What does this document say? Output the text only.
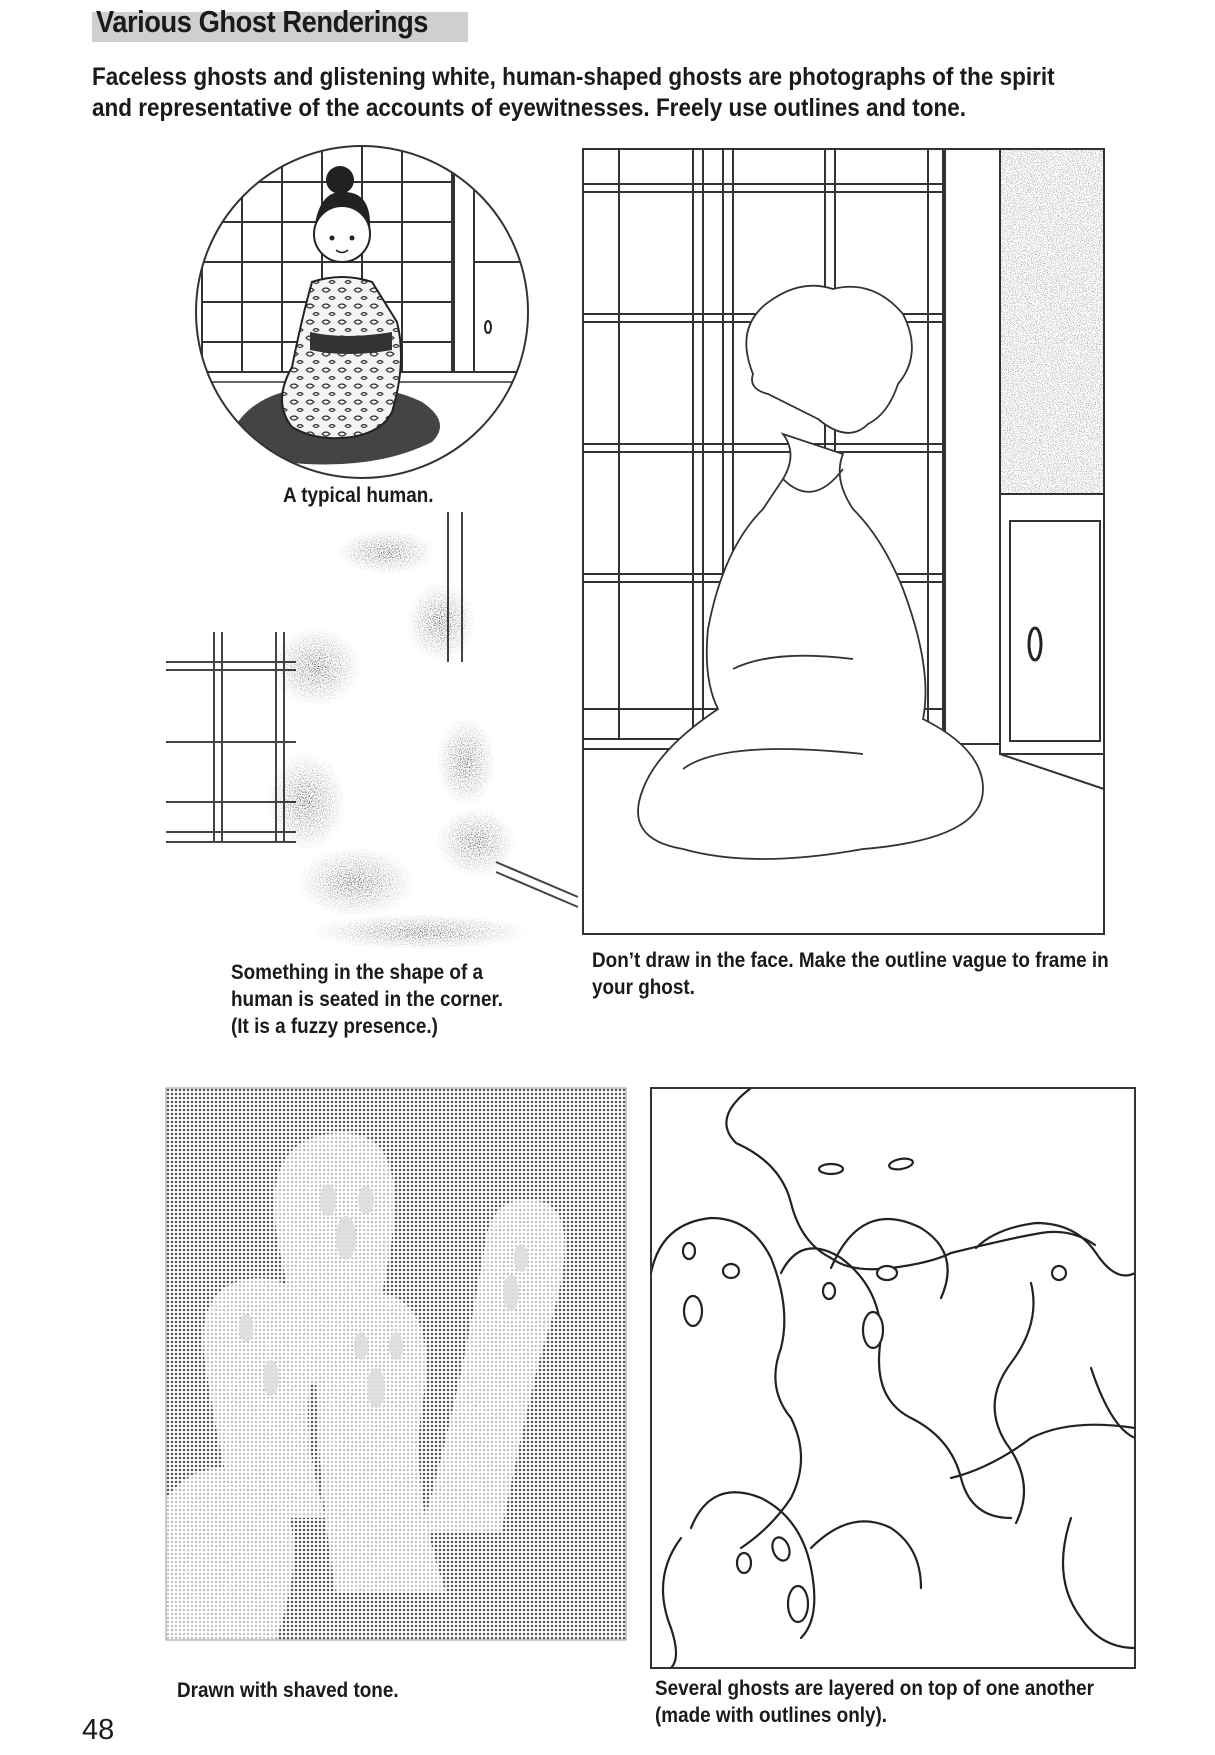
Various Ghost Renderings
Faceless ghosts and glistening white, human-shaped ghosts are photographs of the spirit
and representative of the accounts of eyewitnesses. Freely use outlines and tone.
A typical human.
Something in the shape of a
human is seated in the corner.
(It is a fuzzy presence.)
Don’t draw in the face. Make the outline vague to frame in
your ghost.
Drawn with shaved tone.	Several ghosts are layered on top of one another
(made with outlines only).
48
